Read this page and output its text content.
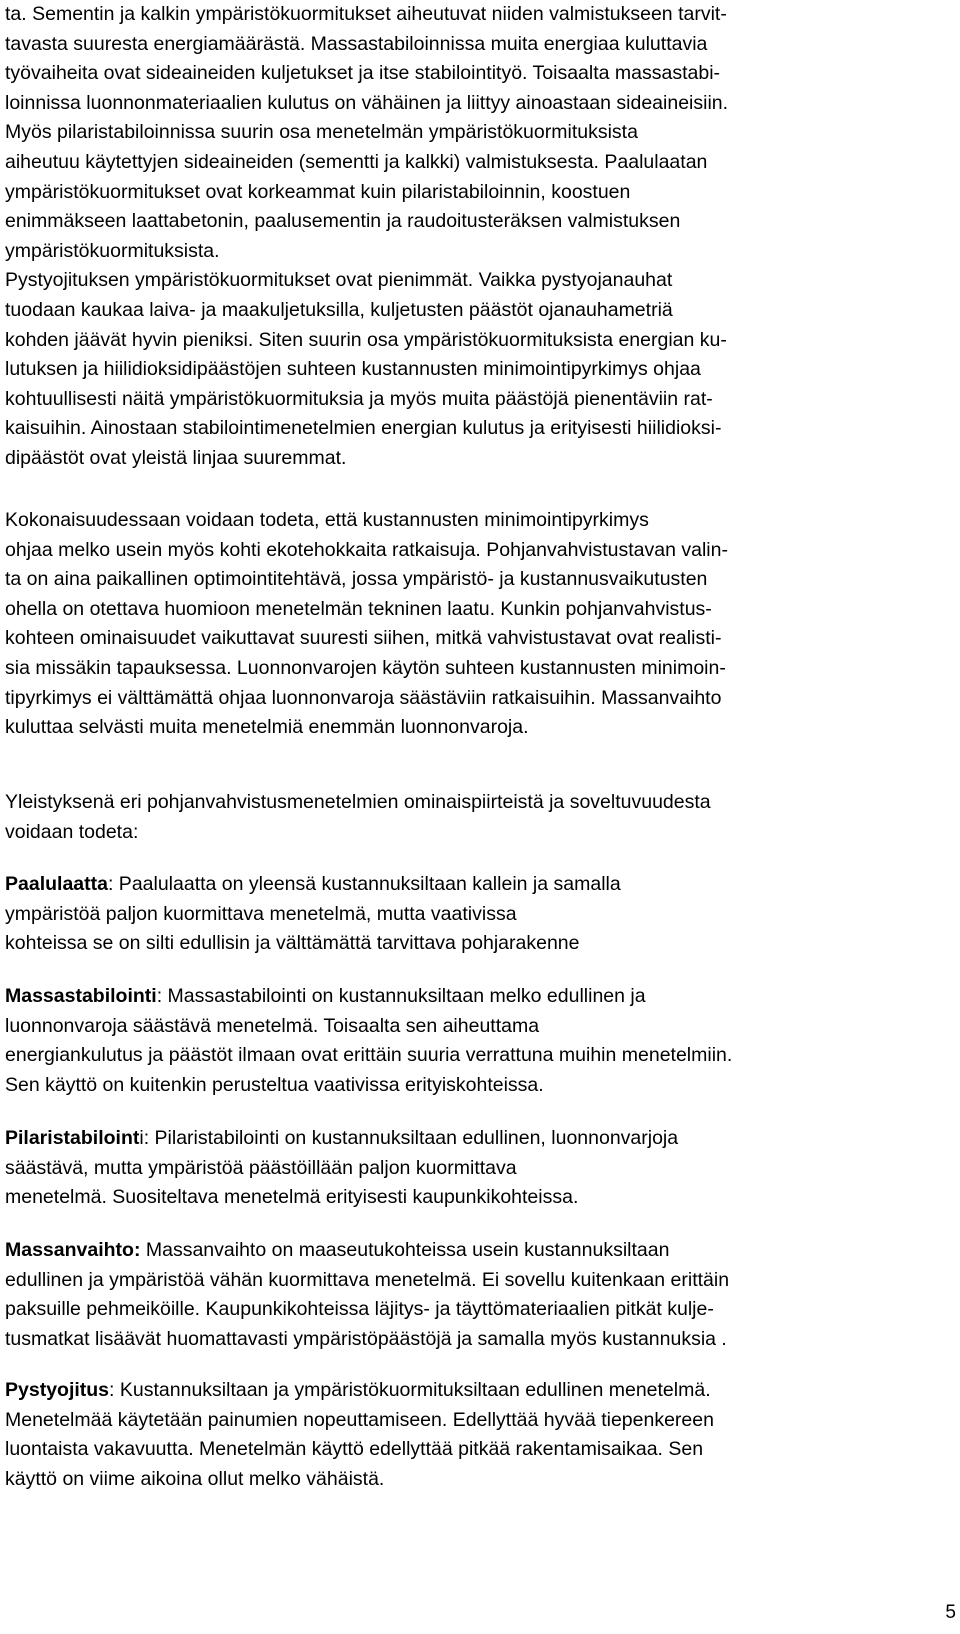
ta. Sementin ja kalkin ympäristökuormitukset aiheutuvat niiden valmistukseen tarvit-
tavasta suuresta energiamäärästä. Massastabiloinnissa muita energiaa kuluttavia
työvaiheita ovat sideaineiden kuljetukset ja itse stabilointityö. Toisaalta massastabi-
loinnissa luonnonmateriaalien kulutus on vähäinen ja liittyy ainoastaan sideaineisiin.
Myös pilaristabiloinnissa suurin osa menetelmän ympäristökuormituksista
aiheutuu käytettyjen sideaineiden (sementti ja kalkki) valmistuksesta. Paalulaatan
ympäristökuormitukset ovat korkeammat kuin pilaristabiloinnin, koostuen
enimmäkseen laattabetonin, paalusementin ja raudoitusteräksen valmistuksen
ympäristökuormituksista.
Pystyojituksen ympäristökuormitukset ovat pienimmät. Vaikka pystyojanauhat
tuodaan kaukaa laiva- ja maakuljetuksilla, kuljetusten päästöt ojanauhametriä
kohden jäävät hyvin pieniksi. Siten suurin osa ympäristökuormituksista energian ku-
lutuksen ja hiilidioksidipäästöjen suhteen kustannusten minimointipyrkimys ohjaa
kohtuullisesti näitä ympäristökuormituksia ja myös muita päästöjä pienentäviin rat-
kaisuihin. Ainostaan stabilointimenetelmien energian kulutus ja erityisesti hiilidioksi-
dipäästöt ovat yleistä linjaa suuremmat.
Kokonaisuudessaan voidaan todeta, että kustannusten minimointipyrkimys
ohjaa melko usein myös kohti ekotehokkaita ratkaisuja. Pohjanvahvistustavan valin-
ta on aina paikallinen optimointitehtävä, jossa ympäristö- ja kustannusvaikutusten
ohella on otettava huomioon menetelmän tekninen laatu. Kunkin pohjanvahvistus-
kohteen ominaisuudet vaikuttavat suuresti siihen, mitkä vahvistustavat ovat realisti-
sia missäkin tapauksessa. Luonnonvarojen käytön suhteen kustannusten minimoin-
tipyrkimys ei välttämättä ohjaa luonnonvaroja säästäviin ratkaisuihin. Massanvaihto
kuluttaa selvästi muita menetelmiä enemmän luonnonvaroja.
Yleistyksenä eri pohjanvahvistusmenetelmien ominaispiirteistä ja soveltuvuudesta
voidaan todeta:
Paalulaatta: Paalulaatta on yleensä kustannuksiltaan kallein ja samalla
ympäristöä paljon kuormittava menetelmä, mutta vaativissa
kohteissa se on silti edullisin ja välttämättä tarvittava pohjarakenne
Massastabilointi: Massastabilointi on kustannuksiltaan melko edullinen ja
luonnonvaroja säästävä menetelmä. Toisaalta sen aiheuttama
energiankulutus ja päästöt ilmaan ovat erittäin suuria verrattuna muihin menetelmiin.
Sen käyttö on kuitenkin perusteltua vaativissa erityiskohteissa.
Pilaristabilointi: Pilaristabilointi on kustannuksiltaan edullinen, luonnonvarjoja
säästävä, mutta ympäristöä päästöillään paljon kuormittava
menetelmä. Suositeltava menetelmä erityisesti kaupunkikohteissa.
Massanvaihto: Massanvaihto on maaseutukohteissa usein kustannuksiltaan
edullinen ja ympäristöä vähän kuormittava menetelmä. Ei sovellu kuitenkaan erittäin
paksuille pehmeiköille. Kaupunkikohteissa läjitys- ja täyttömateriaalien pitkät kulje-
tusmatkat lisäävät huomattavasti ympäristöpäästöjä ja samalla myös kustannuksia .
Pystyojitus: Kustannuksiltaan ja ympäristökuormituksiltaan edullinen menetelmä.
Menetelmää käytetään painumien nopeuttamiseen. Edellyttää hyvää tiepenkereen
luontaista vakavuutta. Menetelmän käyttö edellyttää pitkää rakentamisaikaa. Sen
käyttö on viime aikoina ollut melko vähäistä.
5
